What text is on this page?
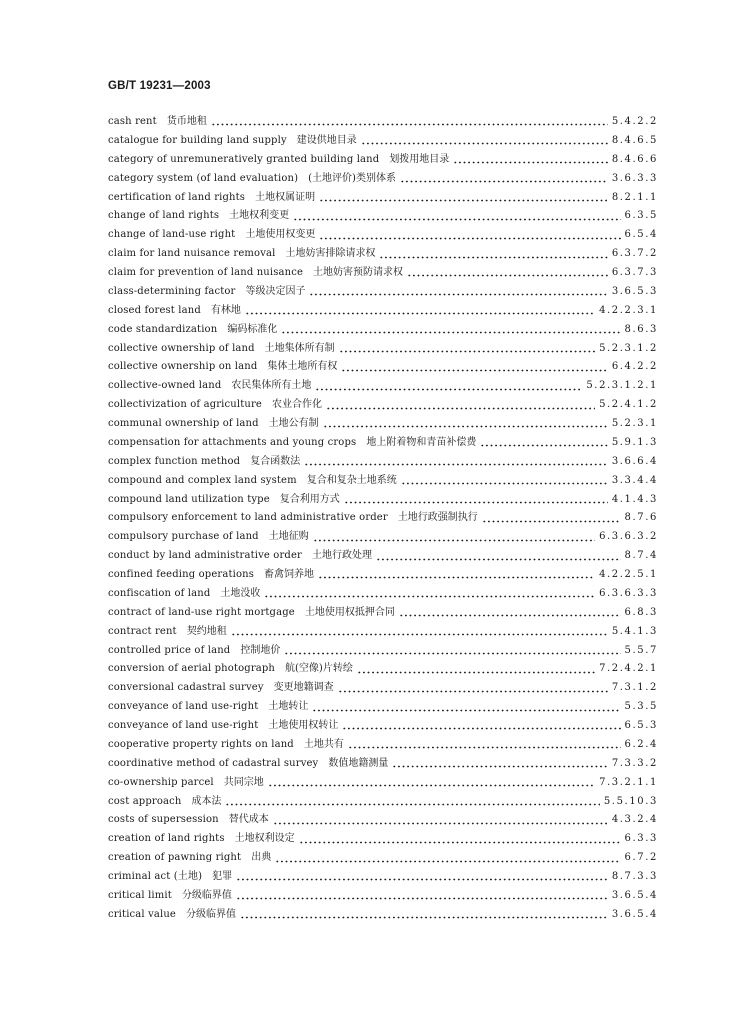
GB/T 19231—2003
cash rent 货币地租	5.4.2.2
catalogue for building land supply 建设供地目录	8.4.6.5
category of unremuneratively granted building land 划拨用地目录	8.4.6.6
category system (of land evaluation) (土地评价)类别体系	3.6.3.3
certification of land rights 土地权属证明	8.2.1.1
change of land rights 土地权利变更	6.3.5
change of land-use right 土地使用权变更	6.5.4
claim for land nuisance removal 土地妨害排除请求权	6.3.7.2
claim for prevention of land nuisance 土地妨害预防请求权	6.3.7.3
class-determining factor 等级决定因子	3.6.5.3
closed forest land 有林地	4.2.2.3.1
code standardization 编码标准化	8.6.3
collective ownership of land 土地集体所有制	5.2.3.1.2
collective ownership on land 集体土地所有权	6.4.2.2
collective-owned land 农民集体所有土地	5.2.3.1.2.1
collectivization of agriculture 农业合作化	5.2.4.1.2
communal ownership of land 土地公有制	5.2.3.1
compensation for attachments and young crops 地上附着物和青苗补偿费	5.9.1.3
complex function method 复合函数法	3.6.6.4
compound and complex land system 复合和复杂土地系统	3.3.4.4
compound land utilization type 复合利用方式	4.1.4.3
compulsory enforcement to land administrative order 土地行政强制执行	8.7.6
compulsory purchase of land 土地征购	6.3.6.3.2
conduct by land administrative order 土地行政处理	8.7.4
confined feeding operations 畜禽饲养地	4.2.2.5.1
confiscation of land 土地没收	6.3.6.3.3
contract of land-use right mortgage 土地使用权抵押合同	6.8.3
contract rent 契约地租	5.4.1.3
controlled price of land 控制地价	5.5.7
conversion of aerial photograph 航(空像)片转绘	7.2.4.2.1
conversional cadastral survey 变更地籍调查	7.3.1.2
conveyance of land use-right 土地转让	5.3.5
conveyance of land use-right 土地使用权转让	6.5.3
cooperative property rights on land 土地共有	6.2.4
coordinative method of cadastral survey 数值地籍测量	7.3.3.2
co-ownership parcel 共同宗地	7.3.2.1.1
cost approach 成本法	5.5.10.3
costs of supersession 替代成本	4.3.2.4
creation of land rights 土地权利设定	6.3.3
creation of pawning right 出典	6.7.2
criminal act (土地) 犯罪	8.7.3.3
critical limit 分级临界值	3.6.5.4
critical value 分级临界值	3.6.5.4
